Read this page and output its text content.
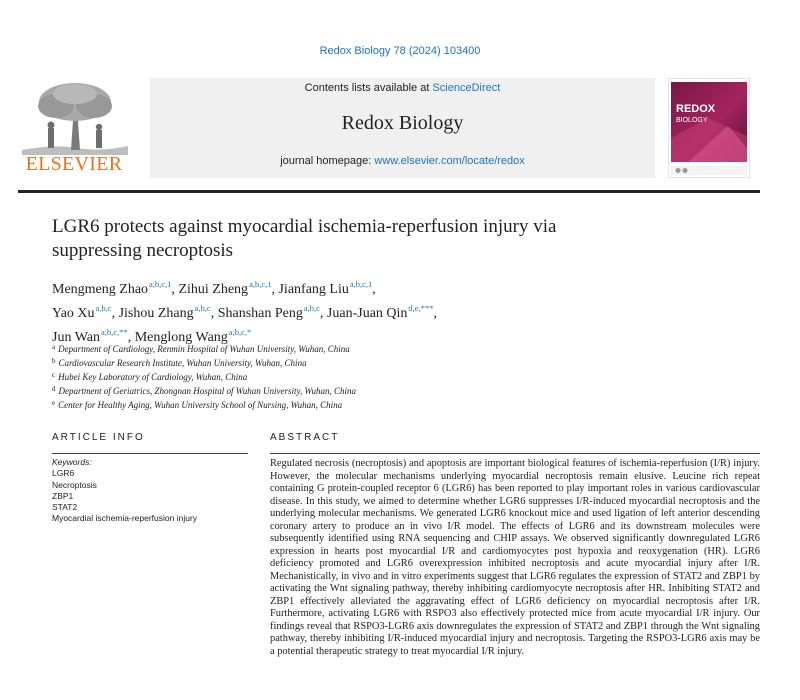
Redox Biology 78 (2024) 103400
ELSEVIER
Contents lists available at ScienceDirect
Redox Biology
journal homepage: www.elsevier.com/locate/redox
REDOX
BIOLOGY
LGR6 protects against myocardial ischemia-reperfusion injury via
suppressing necroptosis
Mengmeng Zhao$^{a,b,c,1}$, Zihui Zheng$^{a,b,c,1}$, Jianfang Liu$^{a,b,c,1}$,
Yao Xu$^{a,b,c}$, Jishou Zhang$^{a,b,c}$, Shanshan Peng$^{a,b,c}$, Juan-Juan Qin$^{d,e,***}$,
Jun Wan$^{a,b,c,**}$, Menglong Wang$^{a,b,c,*}$
$^a$ Department of Cardiology, Renmin Hospital of Wuhan University, Wuhan, China
$^b$ Cardiovascular Research Institute, Wuhan University, Wuhan, China
$^c$ Hubei Key Laboratory of Cardiology, Wuhan, China
$^d$ Department of Geriatrics, Zhongnan Hospital of Wuhan University, Wuhan, China
$^e$ Center for Healthy Aging, Wuhan University School of Nursing, Wuhan, China
ARTICLE INFO	ABSTRACT
Keywords:
LGR6
Necroptosis
ZBP1
STAT2
Myocardial ischemia-reperfusion injury
Regulated necrosis (necroptosis) and apoptosis are important biological features of ischemia-reperfusion (I/R) injury. However, the molecular mechanisms underlying myocardial necroptosis remain elusive. Leucine rich repeat containing G protein-coupled receptor 6 (LGR6) has been reported to play important roles in various cardiovascular disease. In this study, we aimed to determine whether LGR6 suppresses I/R-induced myocardial necroptosis and the underlying molecular mechanisms. We generated LGR6 knockout mice and used ligation of left anterior descending coronary artery to produce an in vivo I/R model. The effects of LGR6 and its downstream molecules were subsequently identified using RNA sequencing and CHIP assays. We observed significantly downregulated LGR6 expression in hearts post myocardial I/R and cardiomyocytes post hypoxia and reoxygenation (HR). LGR6 deficiency promoted and LGR6 overexpression inhibited necroptosis and acute myocardial injury after I/R. Mechanistically, in vivo and in vitro experiments suggest that LGR6 regulates the expression of STAT2 and ZBP1 by activating the Wnt signaling pathway, thereby inhibiting cardiomyocyte necroptosis after HR. Inhibiting STAT2 and ZBP1 effectively alleviated the aggravating effect of LGR6 deficiency on myocardial necroptosis after I/R. Furthermore, activating LGR6 with RSPO3 also effectively protected mice from acute myocardial I/R injury. Our findings reveal that RSPO3-LGR6 axis downregulates the expression of STAT2 and ZBP1 through the Wnt signaling pathway, thereby inhibiting I/R-induced myocardial injury and necroptosis. Targeting the RSPO3-LGR6 axis may be a potential therapeutic strategy to treat myocardial I/R injury.
